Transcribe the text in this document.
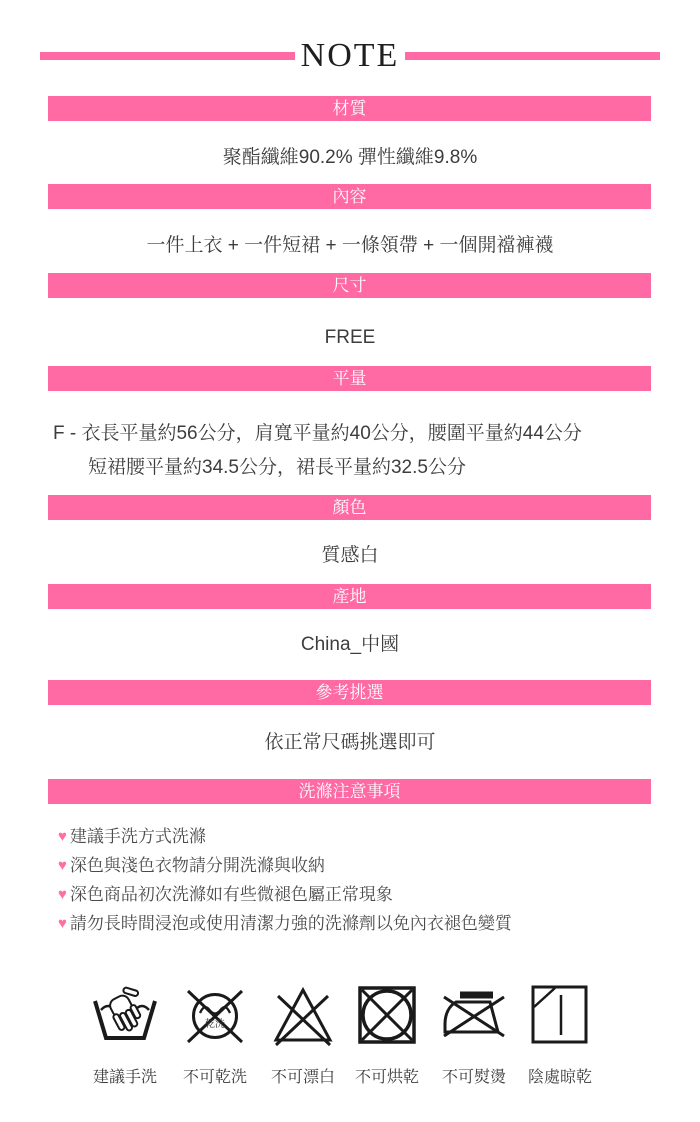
NOTE
材質
聚酯纖維90.2% 彈性纖維9.8%
內容
一件上衣 + 一件短裙 + 一條領帶 + 一個開襠褲襪
尺寸
FREE
平量
F - 衣長平量約56公分，肩寬平量約40公分，腰圍平量約44公分
短裙腰平量約34.5公分，裙長平量約32.5公分
顏色
質感白
產地
China_中國
參考挑選
依正常尺碼挑選即可
洗滌注意事項
♥ 建議手洗方式洗滌
♥ 深色與淺色衣物請分開洗滌與收納
♥ 深色商品初次洗滌如有些微褪色屬正常現象
♥ 請勿長時間浸泡或使用清潔力強的洗滌劑以免內衣褪色變質
建議手洗
乾洗
不可乾洗 不可漂白 不可烘乾 不可熨燙 陰處晾乾
